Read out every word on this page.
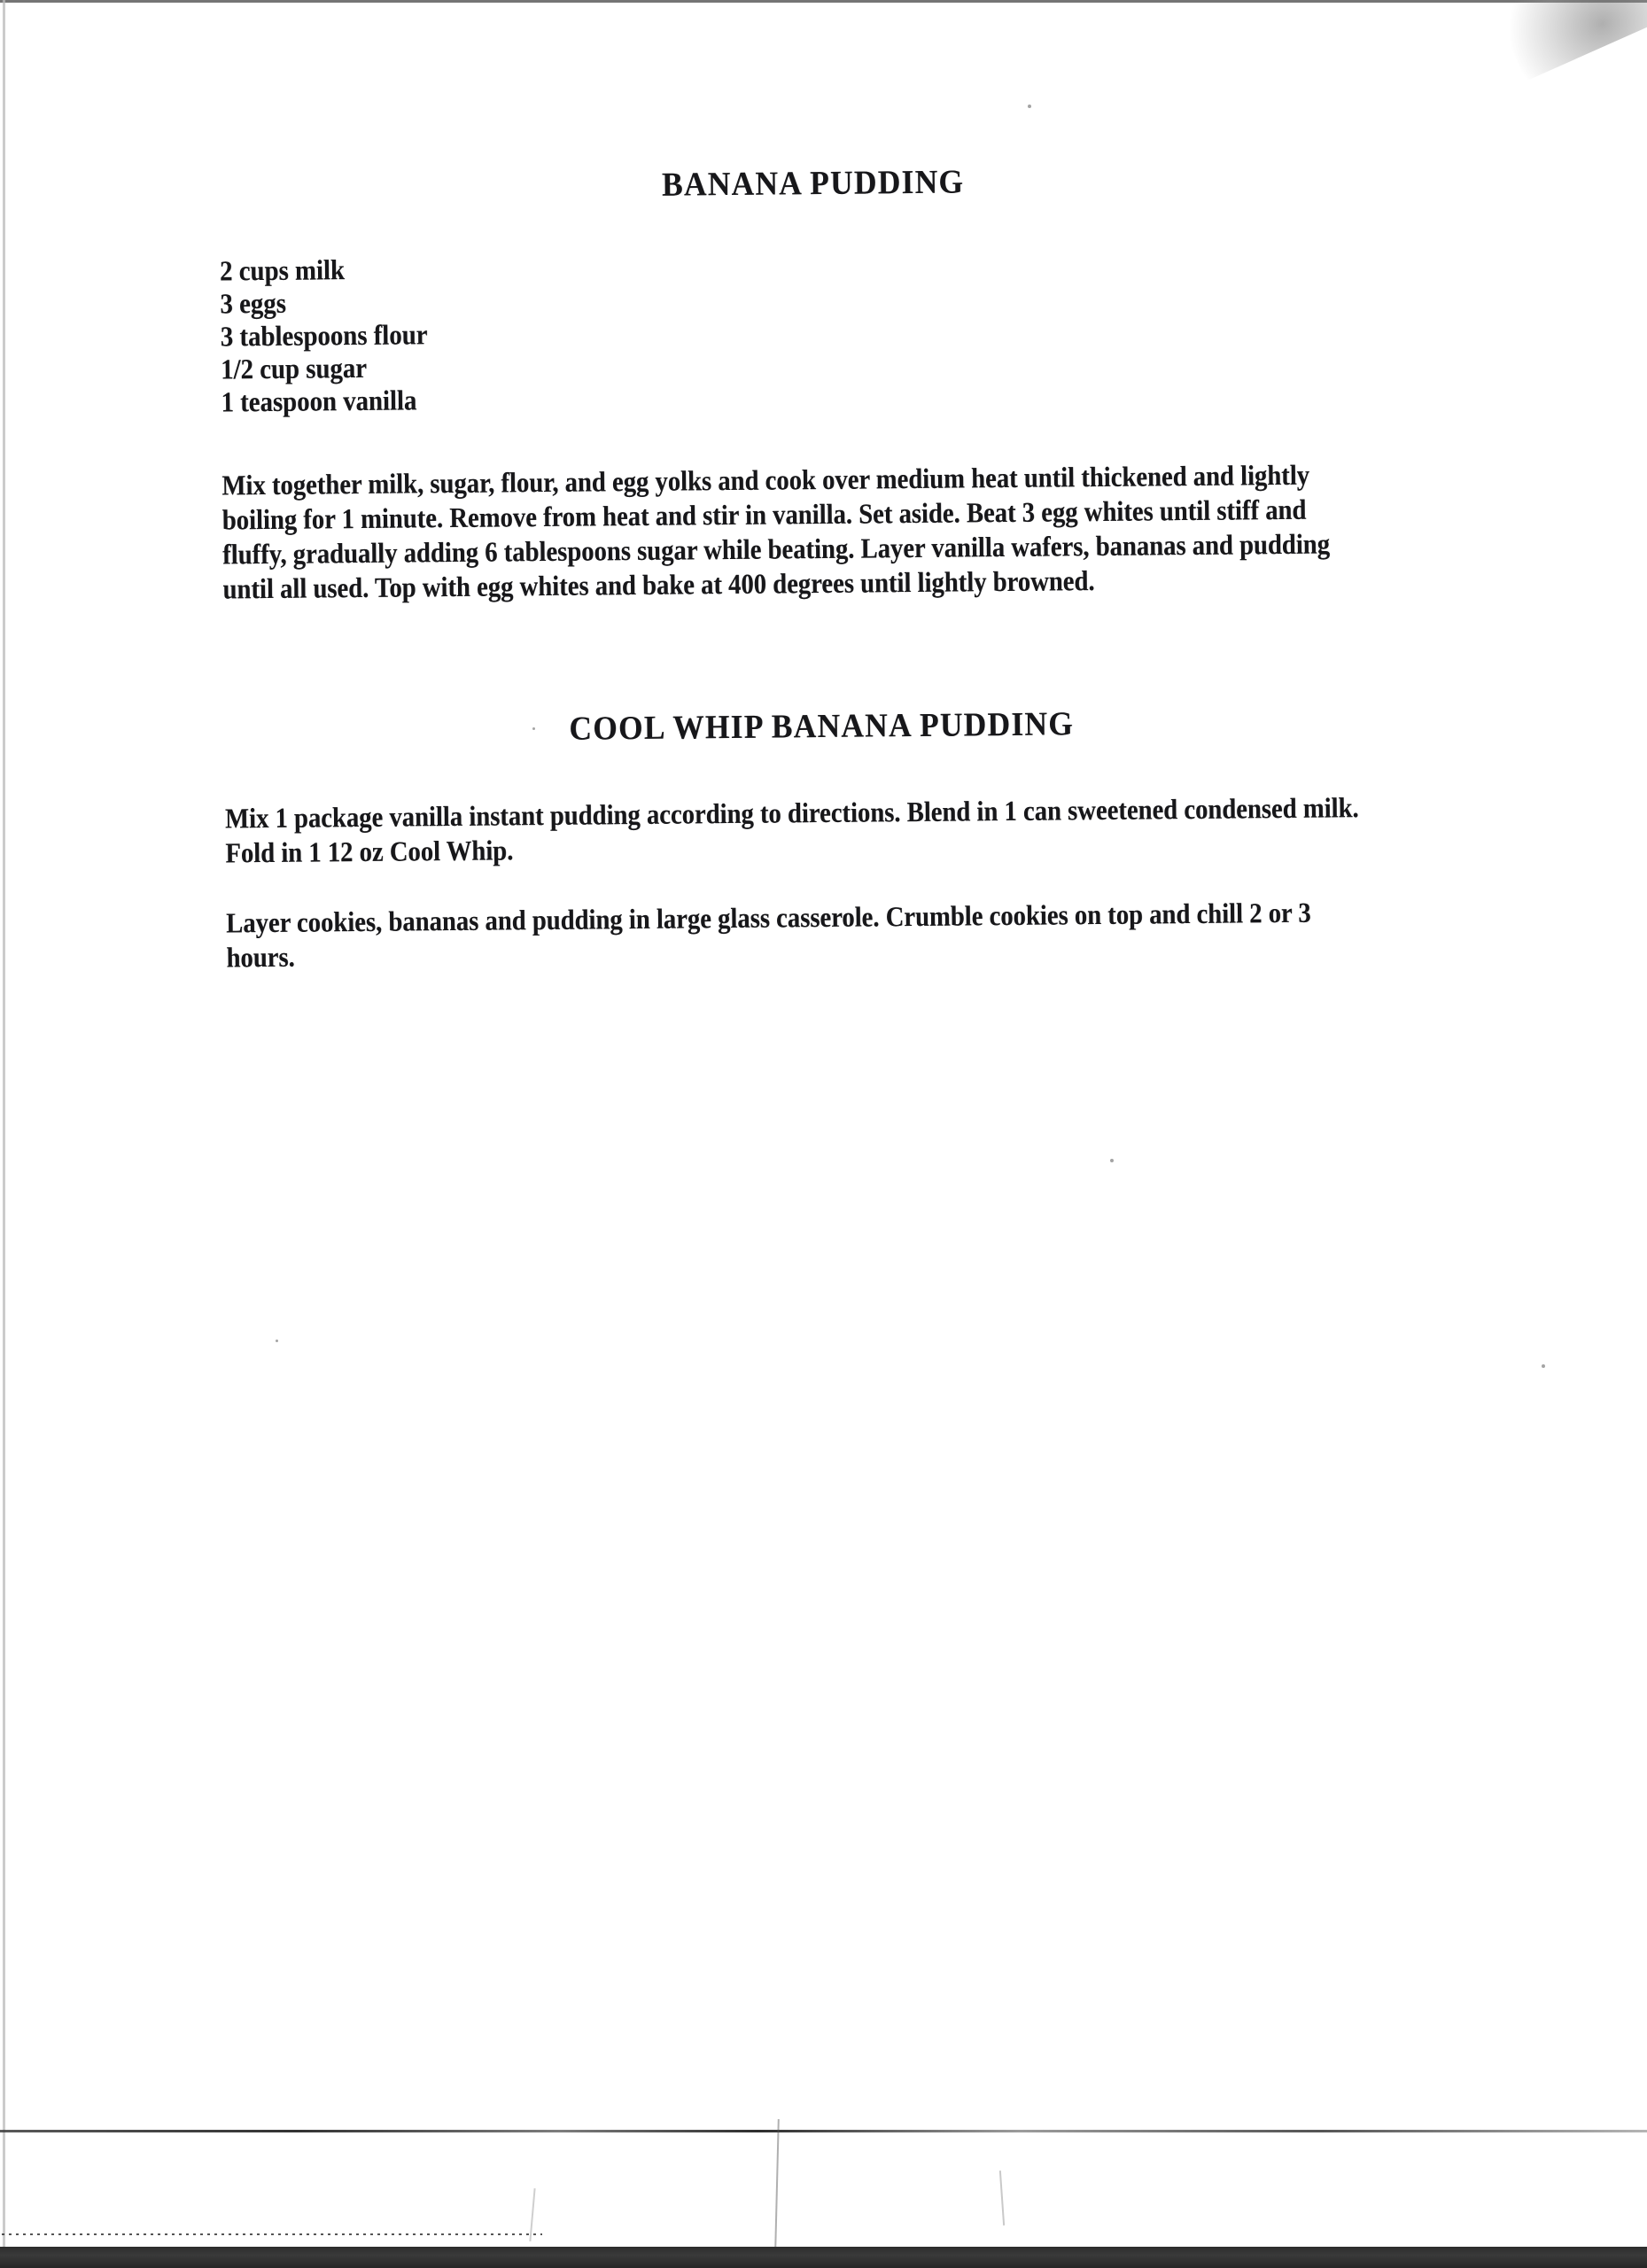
BANANA PUDDING
2 cups milk
3 eggs
3 tablespoons flour
1/2 cup sugar
1 teaspoon vanilla

Mix together milk, sugar, flour, and egg yolks and cook over medium heat until thickened and lightly boiling for 1 minute. Remove from heat and stir in vanilla. Set aside. Beat 3 egg whites until stiff and fluffy, gradually adding 6 tablespoons sugar while beating. Layer vanilla wafers, bananas and pudding until all used. Top with egg whites and bake at 400 degrees until lightly browned.

COOL WHIP BANANA PUDDING

Mix 1 package vanilla instant pudding according to directions. Blend in 1 can sweetened condensed milk. Fold in 1 12 oz Cool Whip.

Layer cookies, bananas and pudding in large glass casserole. Crumble cookies on top and chill 2 or 3 hours.
